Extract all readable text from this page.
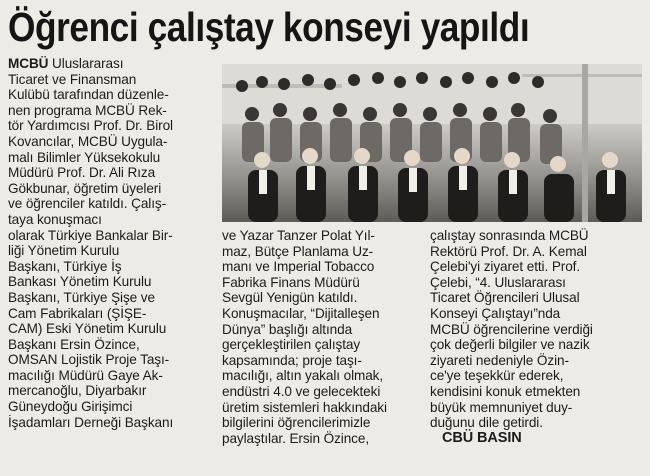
Öğrenci çalıştay konseyi yapıldı
MCBÜ Uluslararası
Ticaret ve Finansman
Kulübü tarafından düzenle-
nen programa MCBÜ Rek-
tör Yardımcısı Prof. Dr. Birol
Kovancılar, MCBÜ Uygula-
malı Bilimler Yüksekokulu
Müdürü Prof. Dr. Ali Rıza
Gökbunar, öğretim üyeleri
ve öğrenciler katıldı. Çalış-
taya konuşmacı
olarak Türkiye Bankalar Bir-
liği Yönetim Kurulu
Başkanı, Türkiye İş
Bankası Yönetim Kurulu
Başkanı, Türkiye Şişe ve
Cam Fabrikaları (ŞİŞE-
CAM) Eski Yönetim Kurulu
Başkanı Ersin Özince,
OMSAN Lojistik Proje Taşı-
macılığı Müdürü Gaye Ak-
mercanoğlu, Diyarbakır
Güneydoğu Girişimci
İşadamları Derneği Başkanı
ve Yazar Tanzer Polat Yıl-
maz, Bütçe Planlama Uz-
manı ve Imperial Tobacco
Fabrika Finans Müdürü
Sevgül Yenigün katıldı.
Konuşmacılar, “Dijitalleşen
Dünya” başlığı altında
gerçekleştirilen çalıştay
kapsamında; proje taşı-
macılığı, altın yakalı olmak,
endüstri 4.0 ve gelecekteki
üretim sistemleri hakkındaki
bilgilerini öğrencilerimizle
paylaştılar. Ersin Özince,
çalıştay sonrasında MCBÜ
Rektörü Prof. Dr. A. Kemal
Çelebi'yi ziyaret etti. Prof.
Çelebi, “4. Uluslararası
Ticaret Öğrencileri Ulusal
Konseyi Çalıştayı”nda
MCBÜ öğrencilerine verdiği
çok değerli bilgiler ve nazik
ziyareti nedeniyle Özin-
ce'ye teşekkür ederek,
kendisini konuk etmekten
büyük memnuniyet duy-
duğunu dile getirdi.
CBÜ BASIN
